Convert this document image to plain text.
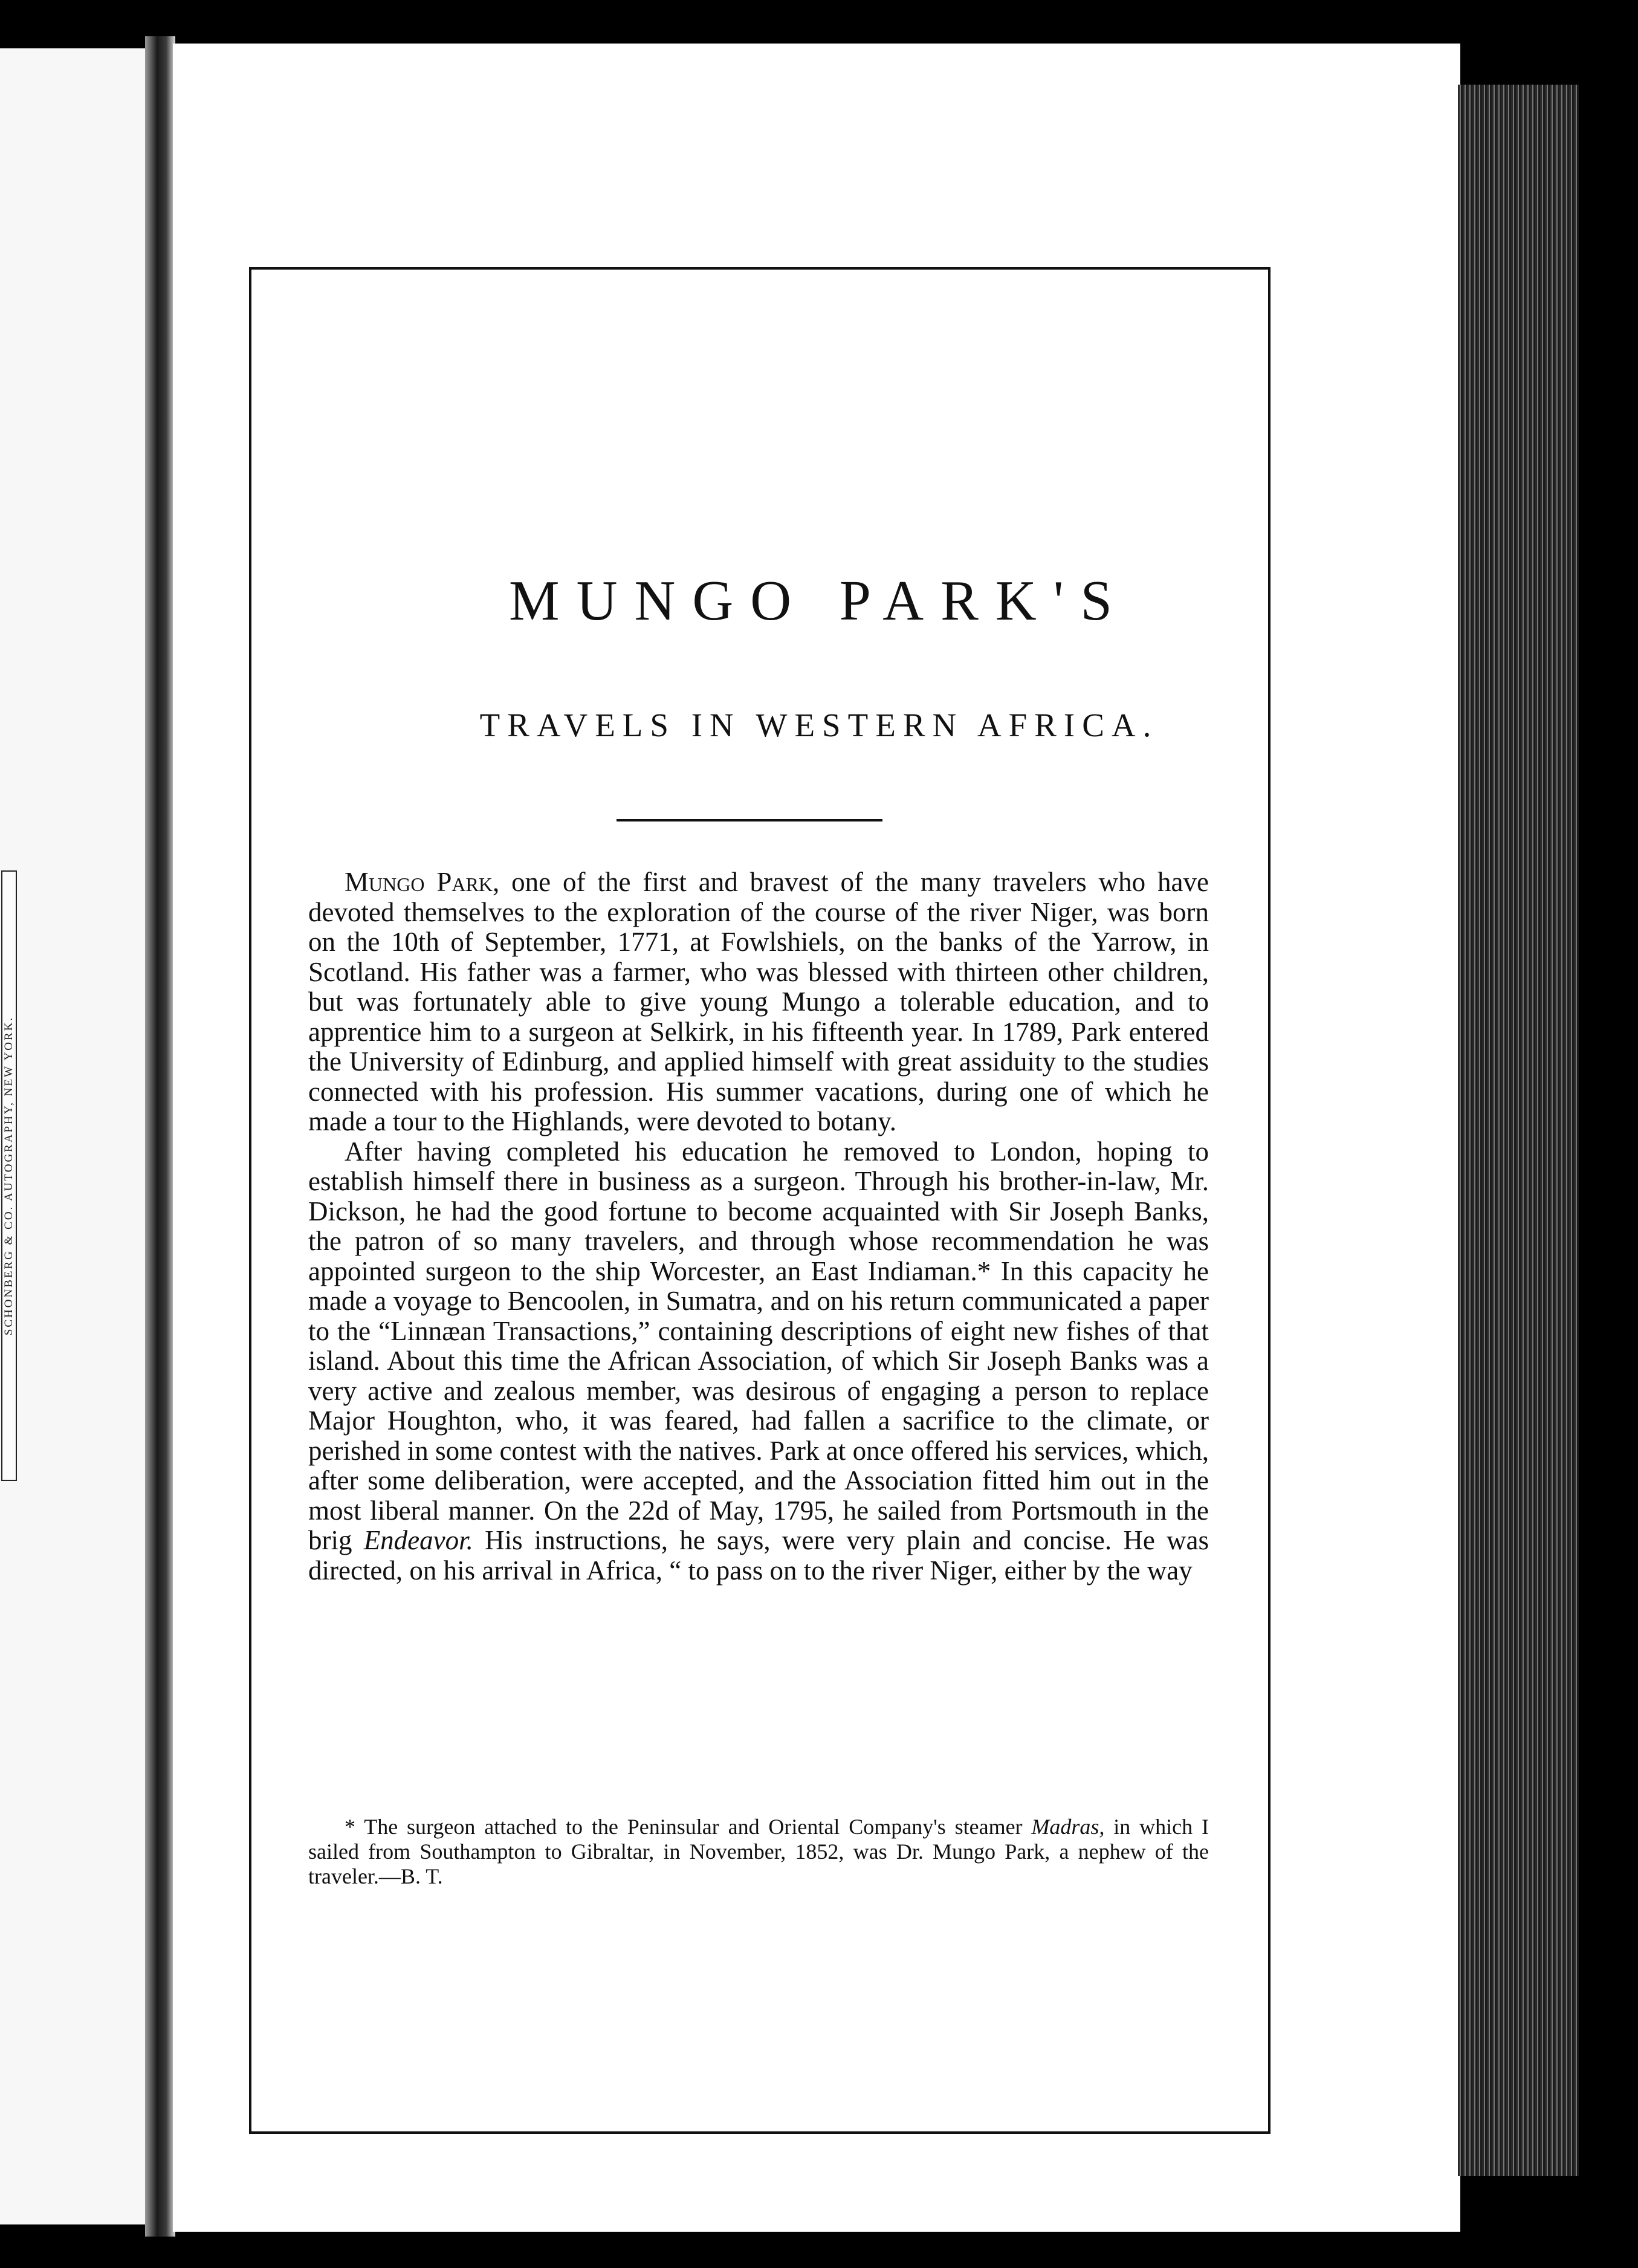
SCHONBERG & CO. AUTOGRAPHY, NEW YORK.
MUNGO PARK'S
TRAVELS IN WESTERN AFRICA.

Mungo Park, one of the first and bravest of the many travelers who have devoted themselves to the exploration of the course of the river Niger, was born on the 10th of September, 1771, at Fowlshiels, on the banks of the Yarrow, in Scotland. His father was a farmer, who was blessed with thirteen other children, but was fortunately able to give young Mungo a tolerable education, and to apprentice him to a surgeon at Selkirk, in his fifteenth year. In 1789, Park entered the University of Edinburg, and applied himself with great assiduity to the studies connected with his profession. His summer vacations, during one of which he made a tour to the Highlands, were devoted to botany.

After having completed his education he removed to London, hoping to establish himself there in business as a surgeon. Through his brother-in-law, Mr. Dickson, he had the good fortune to become acquainted with Sir Joseph Banks, the patron of so many travelers, and through whose recommendation he was appointed surgeon to the ship Worcester, an East Indiaman.* In this capacity he made a voyage to Bencoolen, in Sumatra, and on his return communicated a paper to the “Linnæan Transactions,” containing descriptions of eight new fishes of that island. About this time the African Association, of which Sir Joseph Banks was a very active and zealous member, was desirous of engaging a person to replace Major Houghton, who, it was feared, had fallen a sacrifice to the climate, or perished in some contest with the natives. Park at once offered his services, which, after some deliberation, were accepted, and the Association fitted him out in the most liberal manner. On the 22d of May, 1795, he sailed from Portsmouth in the brig Endeavor. His instructions, he says, were very plain and concise. He was directed, on his arrival in Africa, “ to pass on to the river Niger, either by the way

* The surgeon attached to the Peninsular and Oriental Company's steamer Madras, in which I sailed from Southampton to Gibraltar, in November, 1852, was Dr. Mungo Park, a nephew of the traveler.—B. T.
